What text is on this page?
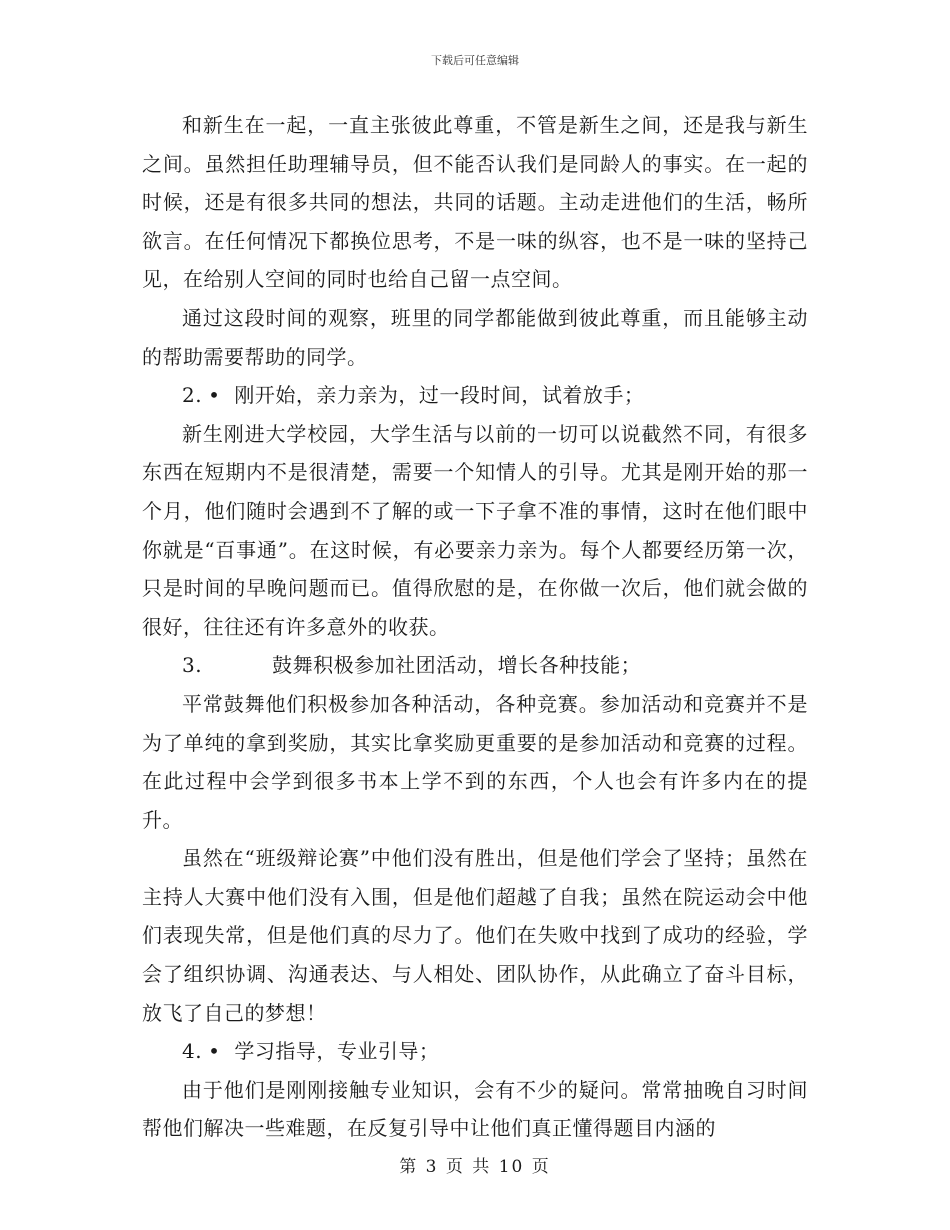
下载后可任意编辑

和新生在一起，一直主张彼此尊重，不管是新生之间，还是我与新生之间。虽然担任助理辅导员，但不能否认我们是同龄人的事实。在一起的时候，还是有很多共同的想法，共同的话题。主动走进他们的生活，畅所欲言。在任何情况下都换位思考，不是一味的纵容，也不是一味的坚持己见，在给别人空间的同时也给自己留一点空间。

通过这段时间的观察，班里的同学都能做到彼此尊重，而且能够主动的帮助需要帮助的同学。

2. • 刚开始，亲力亲为，过一段时间，试着放手；

新生刚进大学校园，大学生活与以前的一切可以说截然不同，有很多东西在短期内不是很清楚，需要一个知情人的引导。尤其是刚开始的那一个月，他们随时会遇到不了解的或一下子拿不准的事情，这时在他们眼中你就是“百事通”。在这时候，有必要亲力亲为。每个人都要经历第一次，只是时间的早晚问题而已。值得欣慰的是，在你做一次后，他们就会做的很好，往往还有许多意外的收获。

3.	鼓舞积极参加社团活动，增长各种技能；

平常鼓舞他们积极参加各种活动，各种竞赛。参加活动和竞赛并不是为了单纯的拿到奖励，其实比拿奖励更重要的是参加活动和竞赛的过程。在此过程中会学到很多书本上学不到的东西，个人也会有许多内在的提升。

虽然在“班级辩论赛”中他们没有胜出，但是他们学会了坚持；虽然在主持人大赛中他们没有入围，但是他们超越了自我；虽然在院运动会中他们表现失常，但是他们真的尽力了。他们在失败中找到了成功的经验，学会了组织协调、沟通表达、与人相处、团队协作，从此确立了奋斗目标，放飞了自己的梦想！

4. • 学习指导，专业引导；

由于他们是刚刚接触专业知识，会有不少的疑问。常常抽晚自习时间帮他们解决一些难题，在反复引导中让他们真正懂得题目内涵的

第 3 页 共 10 页
